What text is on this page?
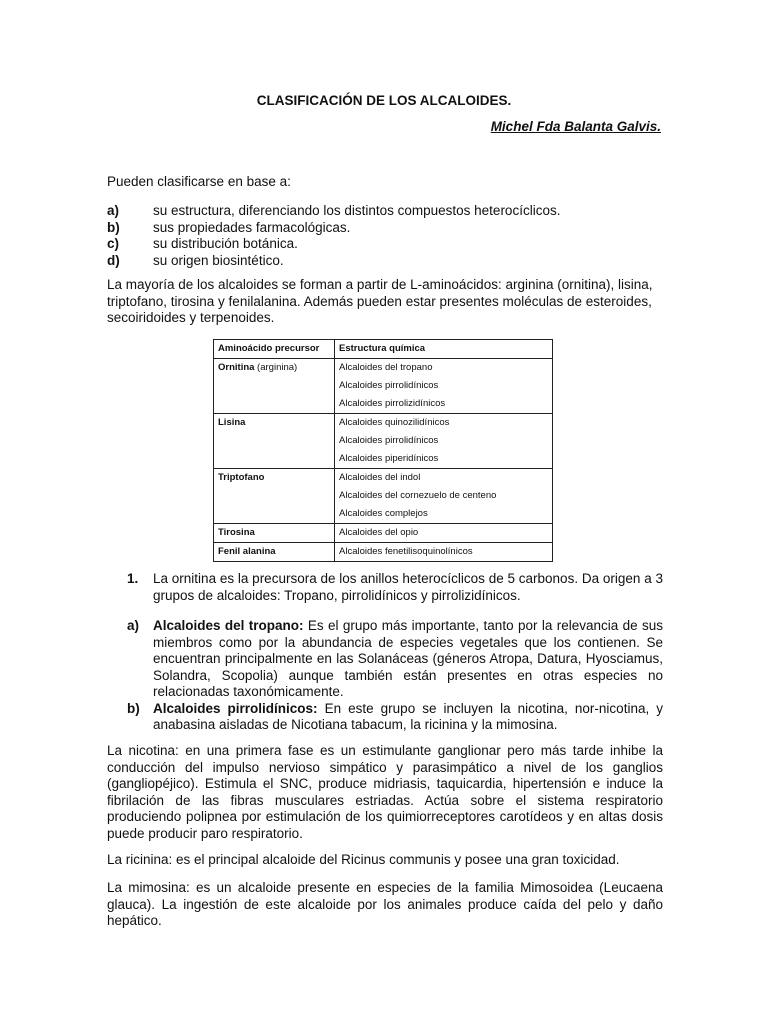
CLASIFICACIÓN DE LOS ALCALOIDES.
Michel Fda Balanta Galvis.
Pueden clasificarse en base a:
a)	su estructura, diferenciando los distintos compuestos heterocíclicos.
b)	sus propiedades farmacológicas.
c)	su distribución botánica.
d)	su origen biosintético.
La mayoría de los alcaloides se forman a partir de L-aminoácidos: arginina (ornitina), lisina, triptofano, tirosina y fenilalanina. Además pueden estar presentes moléculas de esteroides, secoiridoides y terpenoides.
Aminoácido precursor	Estructura química
Ornitina (arginina)	Alcaloides del tropano
Alcaloides pirrolidínicos
Alcaloides pirrolizidínicos

Lisina	Alcaloides quinozilidínicos
Alcaloides pirrolidínicos
Alcaloides piperidínicos

Triptofano	Alcaloides del indol
Alcaloides del cornezuelo de centeno
Alcaloides complejos

Tirosina	Alcaloides del opio

Fenil alanina	Alcaloides fenetilisoquinolínicos
1.	La ornitina es la precursora de los anillos heterocíclicos de 5 carbonos. Da origen a 3 grupos de alcaloides: Tropano, pirrolidínicos y pirrolizidínicos.
a)	Alcaloides del tropano: Es el grupo más importante, tanto por la relevancia de sus miembros como por la abundancia de especies vegetales que los contienen. Se encuentran principalmente en las Solanáceas (géneros Atropa, Datura, Hyosciamus, Solandra, Scopolia) aunque también están presentes en otras especies no relacionadas taxonómicamente.
b) Alcaloides pirrolidínicos: En este grupo se incluyen la nicotina, nor-nicotina, y anabasina aisladas de Nicotiana tabacum, la ricinina y la mimosina.
La nicotina: en una primera fase es un estimulante ganglionar pero más tarde inhibe la conducción del impulso nervioso simpático y parasimpático a nivel de los ganglios (gangliopéjico). Estimula el SNC, produce midriasis, taquicardia, hipertensión e induce la fibrilación de las fibras musculares estriadas. Actúa sobre el sistema respiratorio produciendo polipnea por estimulación de los quimiorreceptores carotídeos y en altas dosis puede producir paro respiratorio.
La ricinina: es el principal alcaloide del Ricinus communis y posee una gran toxicidad.
La mimosina: es un alcaloide presente en especies de la familia Mimosoidea (Leucaena glauca). La ingestión de este alcaloide por los animales produce caída del pelo y daño hepático.
